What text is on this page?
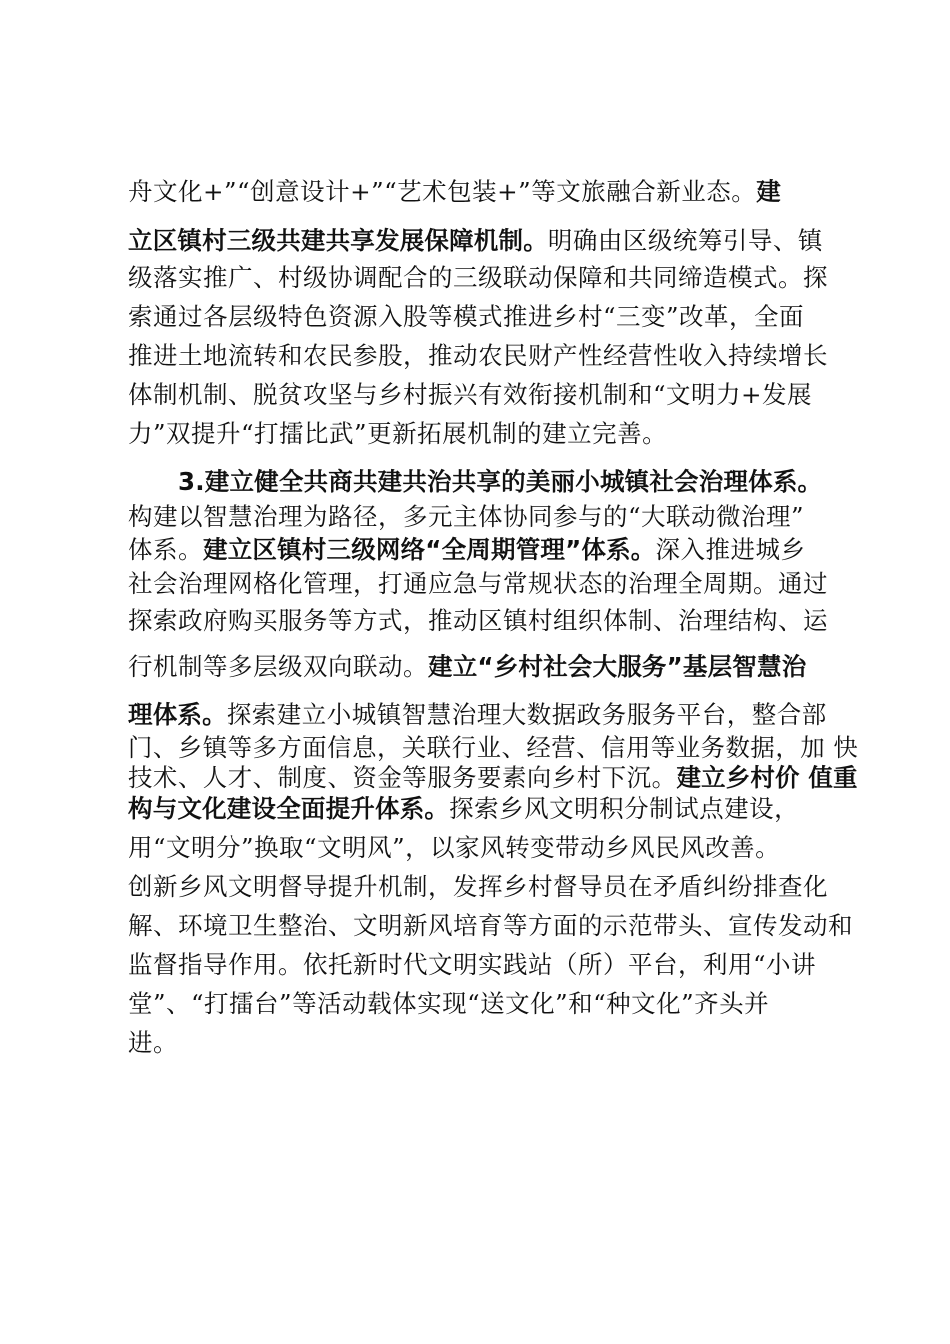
舟文化+”“创意设计+”“艺术包装+”等文旅融合新业态。建
立区镇村三级共建共享发展保障机制。明确由区级统筹引导、镇
级落实推广、村级协调配合的三级联动保障和共同缔造模式。探
索通过各层级特色资源入股等模式推进乡村“三变”改革，全面
推进土地流转和农民参股，推动农民财产性经营性收入持续增长
体制机制、脱贫攻坚与乡村振兴有效衔接机制和“文明力+发展
力”双提升“打擂比武”更新拓展机制的建立完善。
3.建立健全共商共建共治共享的美丽小城镇社会治理体系。
构建以智慧治理为路径，多元主体协同参与的“大联动微治理”
体系。建立区镇村三级网络“全周期管理”体系。深入推进城乡
社会治理网格化管理，打通应急与常规状态的治理全周期。通过
探索政府购买服务等方式，推动区镇村组织体制、治理结构、运
行机制等多层级双向联动。建立“乡村社会大服务”基层智慧治
理体系。探索建立小城镇智慧治理大数据政务服务平台，整合部
门、乡镇等多方面信息，关联行业、经营、信用等业务数据，加 快
技术、人才、制度、资金等服务要素向乡村下沉。建立乡村价 值重
构与文化建设全面提升体系。探索乡风文明积分制试点建设，
用“文明分”换取“文明风”，以家风转变带动乡风民风改善。
创新乡风文明督导提升机制，发挥乡村督导员在矛盾纠纷排查化
解、环境卫生整治、文明新风培育等方面的示范带头、宣传发动和
监督指导作用。依托新时代文明实践站（所）平台，利用“小讲
堂”、“打擂台”等活动载体实现“送文化”和“种文化”齐头并
进。
